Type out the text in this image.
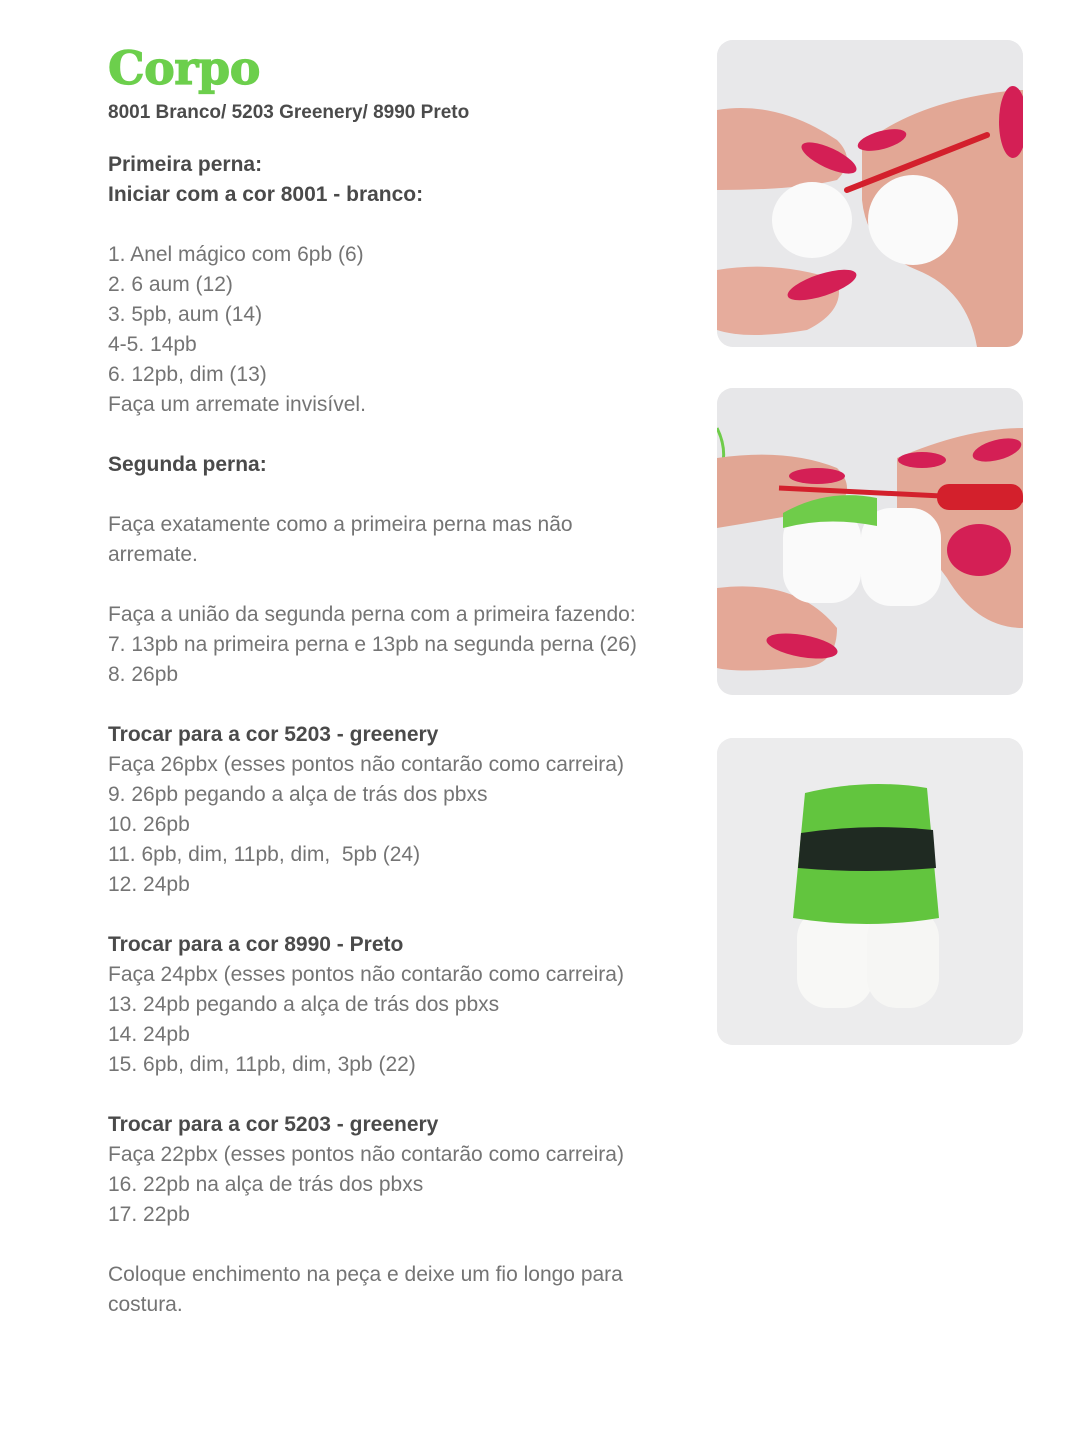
Corpo
8001 Branco/ 5203 Greenery/ 8990 Preto
Primeira perna:
Iniciar com a cor 8001 - branco:
1. Anel mágico com 6pb (6)
2. 6 aum (12)
3. 5pb, aum (14)
4-5. 14pb
6. 12pb, dim (13)
Faça um arremate invisível.
Segunda perna:
Faça exatamente como a primeira perna mas não
arremate.
Faça a união da segunda perna com a primeira fazendo:
7. 13pb na primeira perna e 13pb na segunda perna (26)
8. 26pb
Trocar para a cor 5203 - greenery
Faça 26pbx (esses pontos não contarão como carreira)
9. 26pb pegando a alça de trás dos pbxs
10. 26pb
11. 6pb, dim, 11pb, dim,  5pb (24)
12. 24pb
Trocar para a cor 8990 - Preto
Faça 24pbx (esses pontos não contarão como carreira)
13. 24pb pegando a alça de trás dos pbxs
14. 24pb
15. 6pb, dim, 11pb, dim, 3pb (22)
Trocar para a cor 5203 - greenery
Faça 22pbx (esses pontos não contarão como carreira)
16. 22pb na alça de trás dos pbxs
17. 22pb
Coloque enchimento na peça e deixe um fio longo para
costura.
